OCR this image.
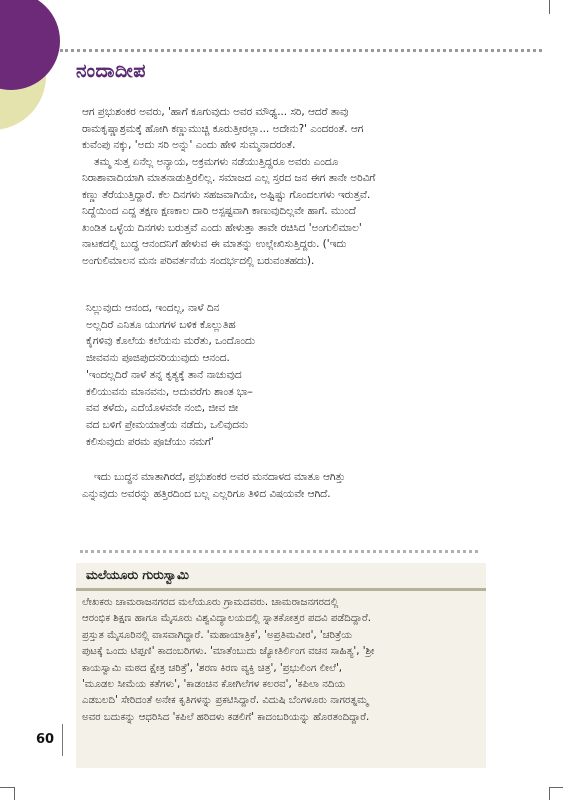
ನಂದಾದೀಪ
ಆಗ ಪ್ರಭುಶಂಕರ ಅವರು, 'ಹಾಗೆ ಕೂಗುವುದು ಅವರ ಮೌಢ್ಯ... ಸರಿ, ಆದರೆ ತಾವು
ರಾಮಕೃಷ್ಣಾಶ್ರಮಕ್ಕೆ ಹೋಗಿ ಕಣ್ಣುಮುಚ್ಚಿ ಕೂರುತ್ತೀರಲ್ಲಾ... ಅದೇನು?' ಎಂದರಂತೆ. ಆಗ
ಕುವೆಂಪು ನಕ್ಕು, 'ಅದು ಸರಿ ಅನ್ನು' ಎಂದು ಹೇಳಿ ಸುಮ್ಮನಾದರಂತೆ.
ತಮ್ಮ ಸುತ್ತ ಏನೆಲ್ಲ ಅನ್ಯಾಯ, ಅಕ್ರಮಗಳು ನಡೆಯುತ್ತಿದ್ದರೂ ಅವರು ಎಂದೂ
ನಿರಾಶಾವಾದಿಯಾಗಿ ಮಾತನಾಡುತ್ತಿರಲಿಲ್ಲ. ಸಮಾಜದ ಎಲ್ಲ ಸ್ತರದ ಜನ ಈಗ ತಾನೇ ಅರಿವಿಗೆ
ಕಣ್ಣು ತೆರೆಯುತ್ತಿದ್ದಾರೆ. ಕೆಲ ದಿನಗಳು ಸಹಜವಾಗಿಯೇ, ಅಷ್ಟಿಷ್ಟು ಗೊಂದಲಗಳು ಇರುತ್ತವೆ.
ನಿದ್ದೆಯಿಂದ ಎದ್ದ ತಕ್ಷಣ ಕ್ಷಣಕಾಲ ದಾರಿ ಅಸ್ಪಷ್ಟವಾಗಿ ಕಾಣುವುದಿಲ್ಲವೇ ಹಾಗೆ. ಮುಂದೆ
ಖಂಡಿತ ಒಳ್ಳೆಯ ದಿನಗಳು ಬರುತ್ತವೆ ಎಂದು ಹೇಳುತ್ತಾ ತಾವೇ ರಚಿಸಿದ 'ಅಂಗುಲಿಮಾಲ'
ನಾಟಕದಲ್ಲಿ ಬುದ್ಧ ಆನಂದನಿಗೆ ಹೇಳುವ ಈ ಮಾತನ್ನು ಉಲ್ಲೇಖಿಸುತ್ತಿದ್ದರು. ('ಇದು
ಅಂಗುಲಿಮಾಲನ ಮನಃ ಪರಿವರ್ತನೆಯ ಸಂದರ್ಭದಲ್ಲಿ ಬರುವಂತಹದು).
ನಿಲ್ಲುವುದು ಆನಂದ, ಇಂದಲ್ಲ, ನಾಳೆ ದಿನ
ಅಲ್ಲದಿರೆ ಎನಿತೂ ಯುಗಗಳ ಬಳಿಕ ಕೊಲ್ಲುತಿಹ
ಕೈಗಳಿವು ಕೊಲೆಯ ಕಲೆಯನು ಮರೆತು, ಒಂದೊಂದು
ಜೀವವನು ಪೂಜಿಪುದನರಿಯುವುದು ಆನಂದ.
'ಇಂದಲ್ಲದಿರೆ ನಾಳೆ ತನ್ನ ಕೃತ್ಯಕ್ಕೆ ತಾನೆ ನಾಚುವುದ
ಕಲಿಯುವನು ಮಾನವನು, ಅದುವರೆಗು ಶಾಂತ ಭಾ–
ವವ ತಳೆದು, ಎದೆಯೊಳವನೇ ನಂಬಿ, ಜೀವ ಜೀ
ವದ ಬಳಿಗೆ ಪ್ರೇಮಯಾತ್ರೆಯ ನಡೆದು, ಒಲಿವುದನು
ಕಲಿಸುವುದು ಪರಮ ಪೂಜೆಯು ನಮಗೆ'
ಇದು ಬುದ್ಧನ ಮಾತಾಗಿರದೆ, ಪ್ರಭುಶಂಕರ ಅವರ ಮನದಾಳದ ಮಾತೂ ಆಗಿತ್ತು
ಎನ್ನುವುದು ಅವರನ್ನು ಹತ್ತಿರದಿಂದ ಬಲ್ಲ ಎಲ್ಲರಿಗೂ ತಿಳಿದ ವಿಷಯವೇ ಆಗಿದೆ.
ಮಲೆಯೂರು ಗುರುಸ್ವಾಮಿ
ಲೇಖಕರು ಚಾಮರಾಜನಗರದ ಮಲೆಯೂರು ಗ್ರಾಮದವರು. ಚಾಮರಾಜನಗರದಲ್ಲಿ
ಆರಂಭಿಕ ಶಿಕ್ಷಣ ಹಾಗೂ ಮೈಸೂರು ವಿಶ್ವವಿದ್ಯಾಲಯದಲ್ಲಿ ಸ್ನಾತಕೋತ್ತರ ಪದವಿ ಪಡೆದಿದ್ದಾರೆ.
ಪ್ರಸ್ತುತ ಮೈಸೂರಿನಲ್ಲಿ ವಾಸವಾಗಿದ್ದಾರೆ. 'ಮಹಾಯಾತ್ರಿಕ', 'ಅಪ್ರತಿಮವೀರ', 'ಚರಿತ್ರೆಯ
ಪುಟಕ್ಕೆ ಒಂದು ಟಿಪ್ಪಣಿ' ಕಾದಂಬರಿಗಳು. 'ಮಾತೆಂಬುದು ಜ್ಯೋತಿರ್ಲಿಂಗ ವಚನ ಸಾಹಿತ್ಯ', 'ಶ್ರೀ
ಕಾಯಸ್ವಾಮಿ ಮಠದ ಕ್ಷೇತ್ರ ಚರಿತ್ರೆ', 'ಶರಣ ಕಿರಣ ವ್ಯಕ್ತಿ ಚಿತ್ರ', 'ಪ್ರಭುಲಿಂಗ ಲೀಲೆ',
'ಮೂಡಲ ಸೀಮೆಯ ಕತೆಗಳು', 'ಕಾಡಂಚಿನ ಕೋಗಿಲೆಗಳ ಕಲರವ', 'ಕಪಿಲಾ ನದಿಯ
ಎಡಬಲದಿ' ಸೇರಿದಂತೆ ಅನೇಕ ಕೃತಿಗಳನ್ನು ಪ್ರಕಟಿಸಿದ್ದಾರೆ. ವಿದುಷಿ ಬೆಂಗಳೂರು ನಾಗರತ್ನಮ್ಮ
ಅವರ ಬದುಕನ್ನು ಆಧರಿಸಿದ 'ಕಪಿಲೆ ಹರಿದಳು ಕಡಲಿಗೆ' ಕಾದಂಬರಿಯನ್ನು ಹೊರತಂದಿದ್ದಾರೆ.
60
